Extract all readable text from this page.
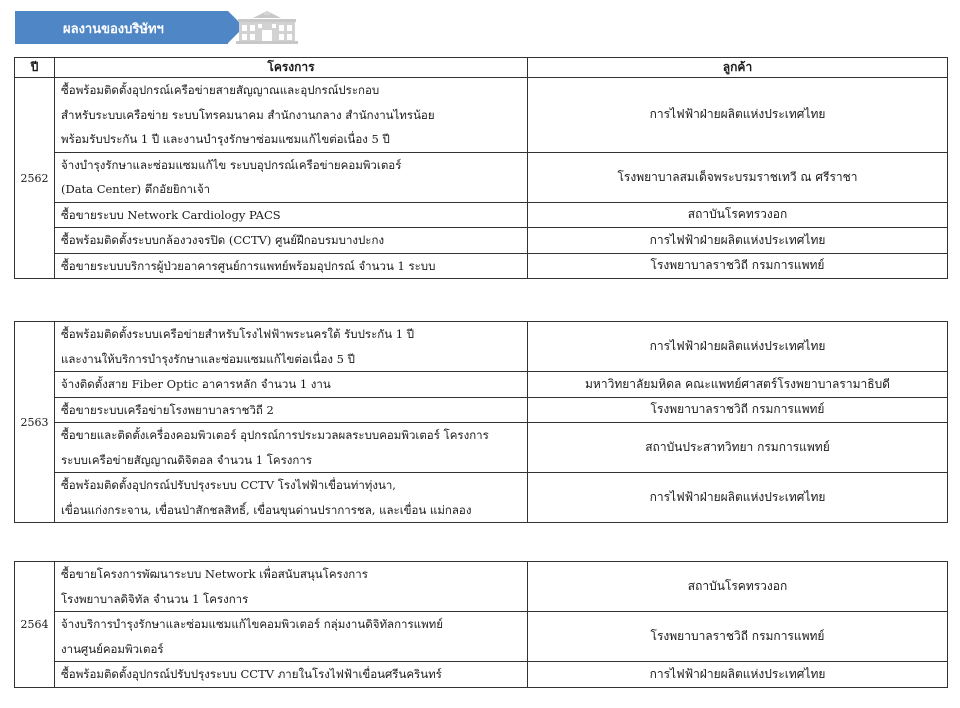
ผลงานของบริษัทฯ
ปี	โครงการ	ลูกค้า
2562	ซื้อพร้อมติดตั้งอุปกรณ์เครือข่ายสายสัญญาณและอุปกรณ์ประกอบ
สำหรับระบบเครือข่าย ระบบโทรคมนาคม สำนักงานกลาง สำนักงานไทรน้อย
พร้อมรับประกัน 1 ปี และงานบำรุงรักษาซ่อมแซมแก้ไขต่อเนื่อง 5 ปี	การไฟฟ้าฝ่ายผลิตแห่งประเทศไทย

	จ้างบำรุงรักษาและซ่อมแซมแก้ไข ระบบอุปกรณ์เครือข่ายคอมพิวเตอร์
(Data Center) ตึกอัยยิกาเจ้า	โรงพยาบาลสมเด็จพระบรมราชเทวี ณ ศรีราชา

	ซื้อขายระบบ Network Cardiology PACS	สถาบันโรคทรวงอก

	ซื้อพร้อมติดตั้งระบบกล้องวงจรปิด (CCTV) ศูนย์ฝึกอบรมบางปะกง	การไฟฟ้าฝ่ายผลิตแห่งประเทศไทย

	ซื้อขายระบบบริการผู้ป่วยอาคารศูนย์การแพทย์พร้อมอุปกรณ์ จำนวน 1 ระบบ	โรงพยาบาลราชวิถี กรมการแพทย์
2563	ซื้อพร้อมติดตั้งระบบเครือข่ายสำหรับโรงไฟฟ้าพระนครใต้ รับประกัน 1 ปี
และงานให้บริการบำรุงรักษาและซ่อมแซมแก้ไขต่อเนื่อง 5 ปี	การไฟฟ้าฝ่ายผลิตแห่งประเทศไทย

	จ้างติดตั้งสาย Fiber Optic อาคารหลัก จำนวน 1 งาน	มหาวิทยาลัยมหิดล คณะแพทย์ศาสตร์โรงพยาบาลรามาธิบดี

	ซื้อขายระบบเครือข่ายโรงพยาบาลราชวิถี 2	โรงพยาบาลราชวิถี กรมการแพทย์

	ซื้อขายและติดตั้งเครื่องคอมพิวเตอร์ อุปกรณ์การประมวลผลระบบคอมพิวเตอร์ โครงการ
ระบบเครือข่ายสัญญาณดิจิตอล จำนวน 1 โครงการ	สถาบันประสาทวิทยา กรมการแพทย์

	ซื้อพร้อมติดตั้งอุปกรณ์ปรับปรุงระบบ CCTV โรงไฟฟ้าเขื่อนท่าทุ่งนา,
เขื่อนแก่งกระจาน, เขื่อนป่าสักชลสิทธิ์, เขื่อนขุนด่านปราการชล, และเขื่อน แม่กลอง	การไฟฟ้าฝ่ายผลิตแห่งประเทศไทย
2564	ซื้อขายโครงการพัฒนาระบบ Network เพื่อสนับสนุนโครงการ
โรงพยาบาลดิจิทัล จำนวน 1 โครงการ	สถาบันโรคทรวงอก

	จ้างบริการบำรุงรักษาและซ่อมแซมแก้ไขคอมพิวเตอร์ กลุ่มงานดิจิทัลการแพทย์
งานศูนย์คอมพิวเตอร์	โรงพยาบาลราชวิถี กรมการแพทย์

	ซื้อพร้อมติดตั้งอุปกรณ์ปรับปรุงระบบ CCTV ภายในโรงไฟฟ้าเขื่อนศรีนครินทร์	การไฟฟ้าฝ่ายผลิตแห่งประเทศไทย
